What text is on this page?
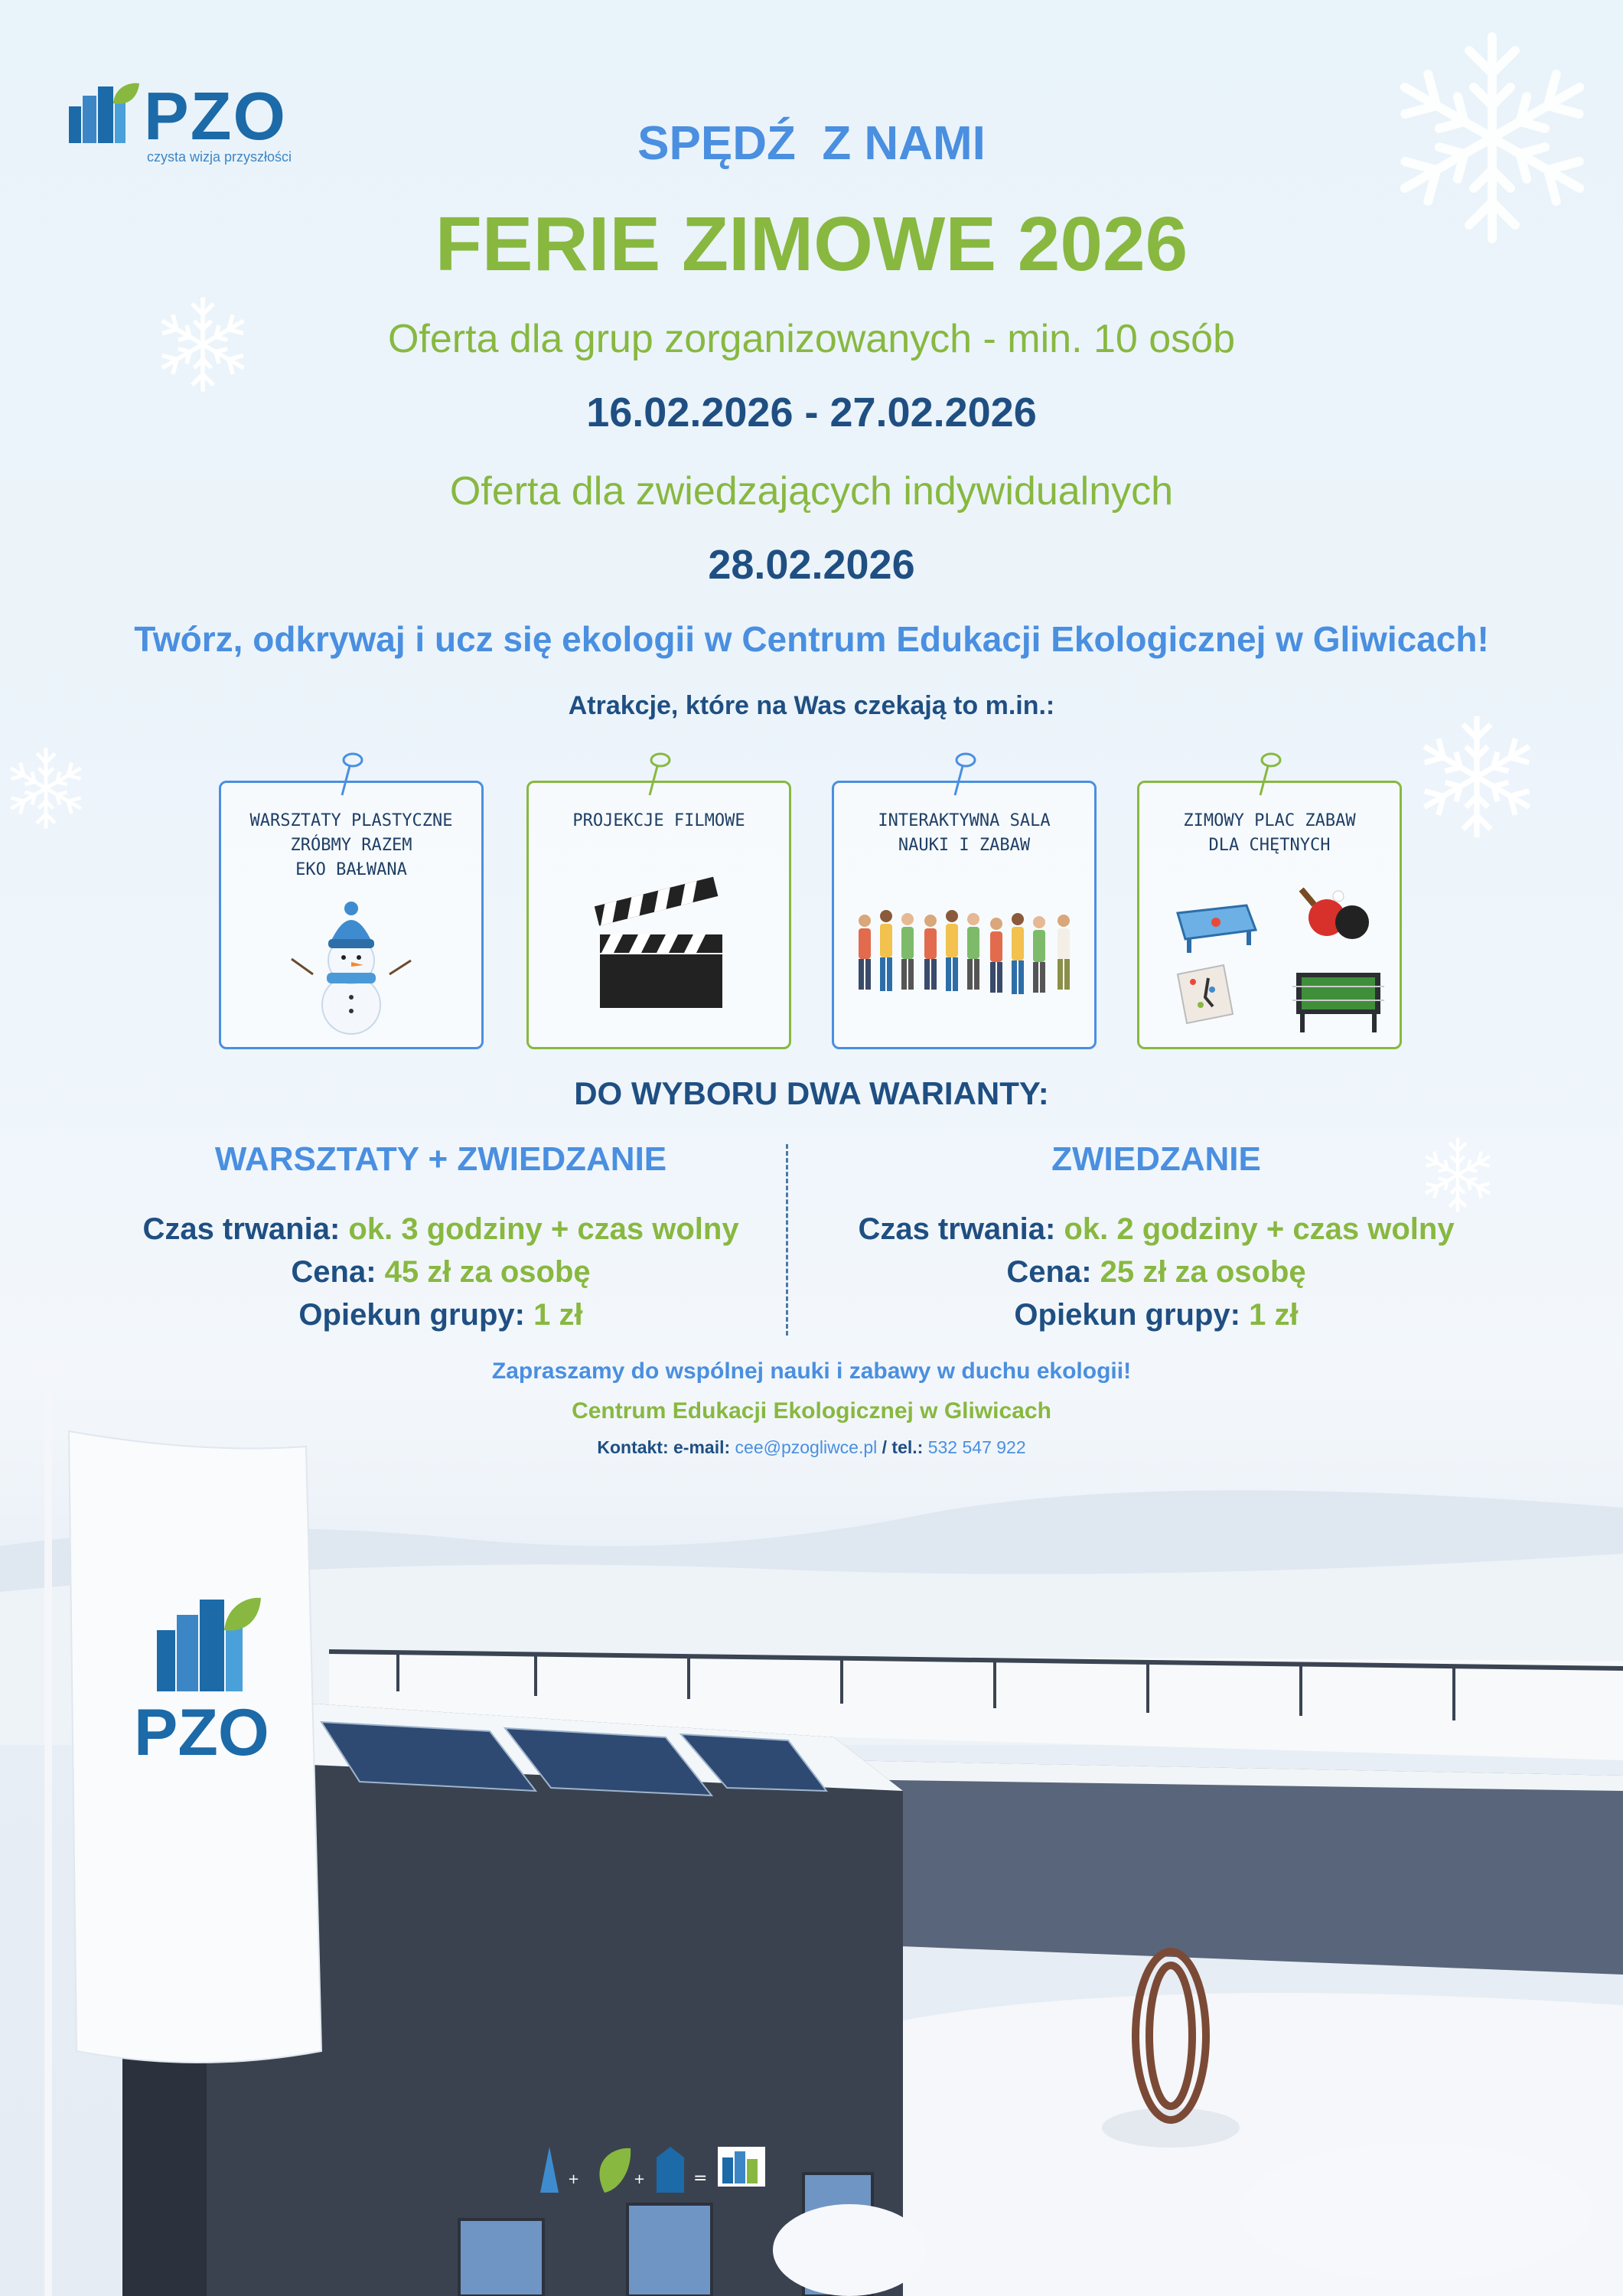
PZO
czysta wizja przyszłości	SPĘDŹ  Z NAMI
FERIE ZIMOWE 2026
Oferta dla grup zorganizowanych - min. 10 osób
16.02.2026 - 27.02.2026
Oferta dla zwiedzających indywidualnych
28.02.2026
Twórz, odkrywaj i ucz się ekologii w Centrum Edukacji Ekologicznej w Gliwicach!
Atrakcje, które na Was czekają to m.in.:
WARSZTATY PLASTYCZNE
ZRÓBMY RAZEM
EKO BAŁWANA
PROJEKCJE FILMOWE	INTERAKTYWNA SALA
NAUKI I ZABAW
ZIMOWY PLAC ZABAW
DLA CHĘTNYCH
DO WYBORU DWA WARIANTY:
WARSZTATY + ZWIEDZANIE
Czas trwania: ok. 3 godziny + czas wolny
Cena: 45 zł za osobę
Opiekun grupy: 1 zł
ZWIEDZANIE
Czas trwania: ok. 2 godziny + czas wolny
Cena: 25 zł za osobę
Opiekun grupy: 1 zł
+	+	=
PZO
Zapraszamy do wspólnej nauki i zabawy w duchu ekologii!
Centrum Edukacji Ekologicznej w Gliwicach
Kontakt: e-mail: cee@pzogliwce.pl / tel.: 532 547 922
